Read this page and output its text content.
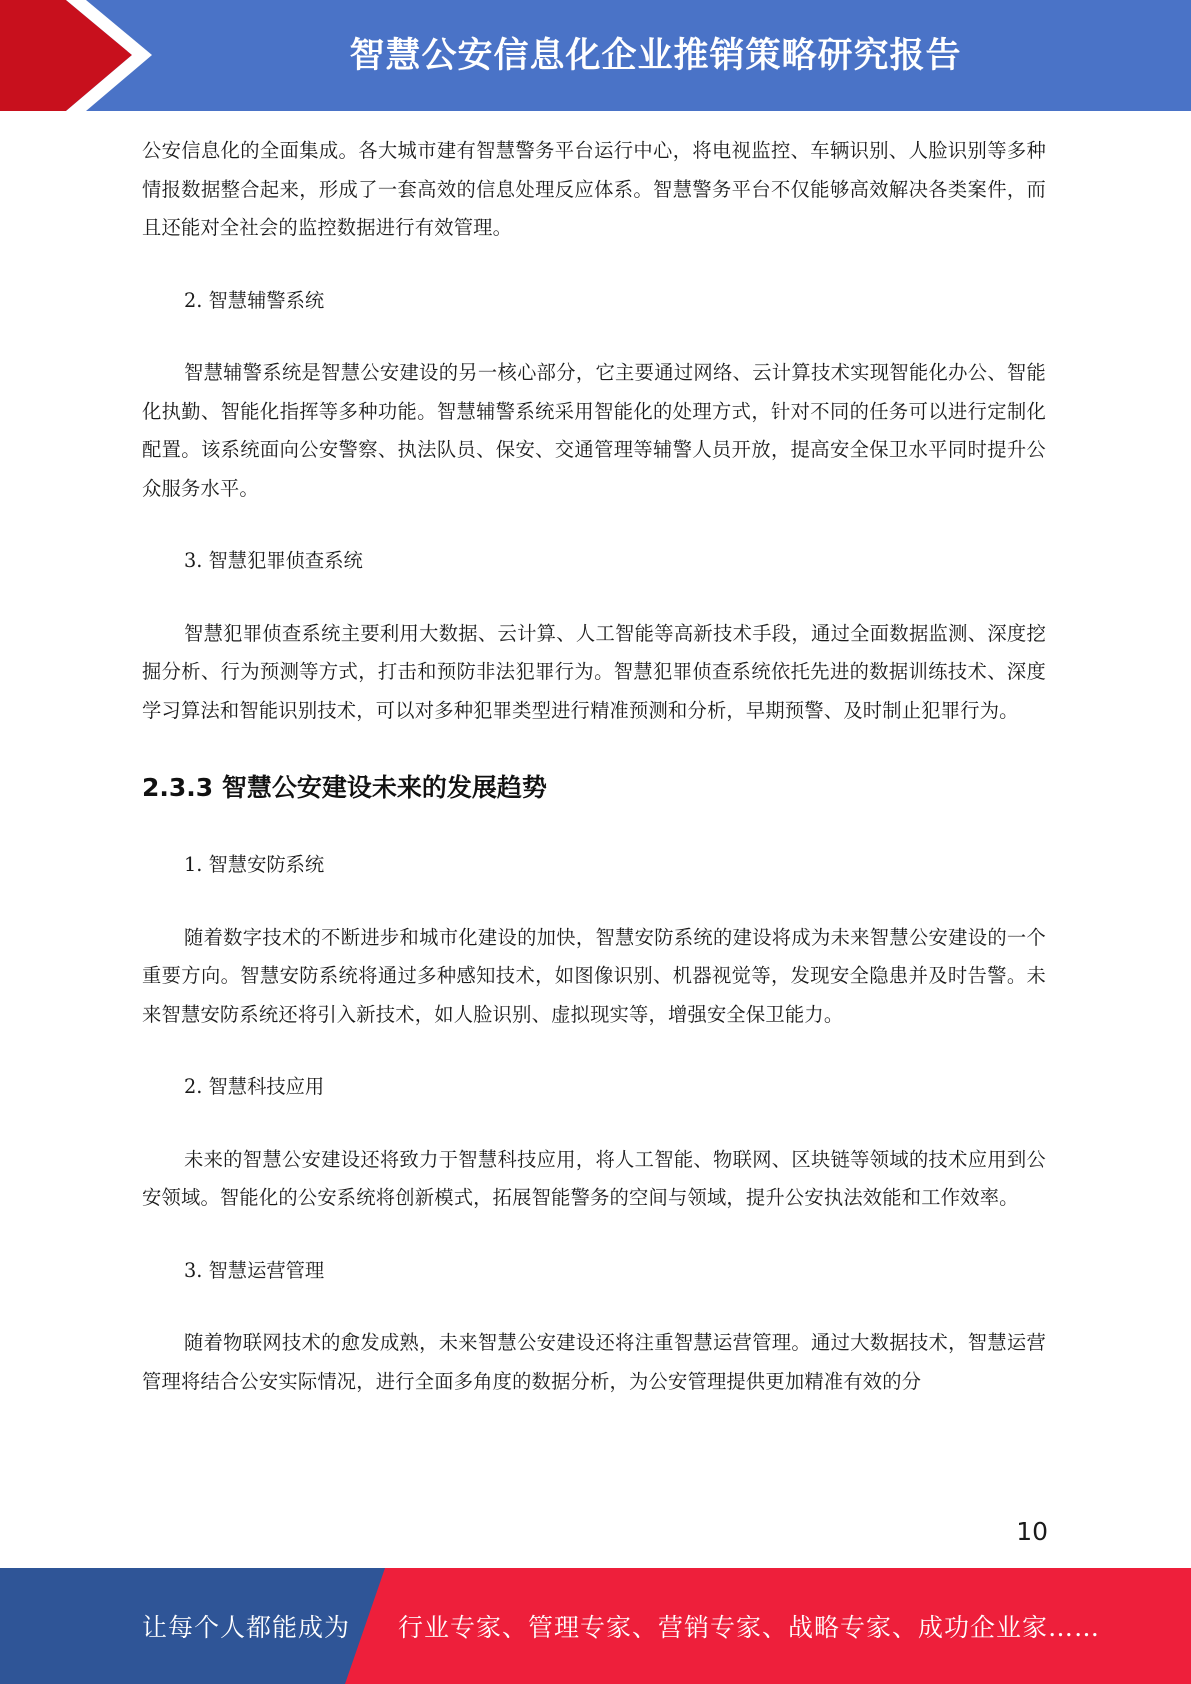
智慧公安信息化企业推销策略研究报告

公安信息化的全面集成。各大城市建有智慧警务平台运行中心，将电视监控、车辆识别、人脸识别等多种情报数据整合起来，形成了一套高效的信息处理反应体系。智慧警务平台不仅能够高效解决各类案件，而且还能对全社会的监控数据进行有效管理。

2. 智慧辅警系统

智慧辅警系统是智慧公安建设的另一核心部分，它主要通过网络、云计算技术实现智能化办公、智能化执勤、智能化指挥等多种功能。智慧辅警系统采用智能化的处理方式，针对不同的任务可以进行定制化配置。该系统面向公安警察、执法队员、保安、交通管理等辅警人员开放，提高安全保卫水平同时提升公众服务水平。

3. 智慧犯罪侦查系统

智慧犯罪侦查系统主要利用大数据、云计算、人工智能等高新技术手段，通过全面数据监测、深度挖掘分析、行为预测等方式，打击和预防非法犯罪行为。智慧犯罪侦查系统依托先进的数据训练技术、深度学习算法和智能识别技术，可以对多种犯罪类型进行精准预测和分析，早期预警、及时制止犯罪行为。

2.3.3 智慧公安建设未来的发展趋势

1. 智慧安防系统

随着数字技术的不断进步和城市化建设的加快，智慧安防系统的建设将成为未来智慧公安建设的一个重要方向。智慧安防系统将通过多种感知技术，如图像识别、机器视觉等，发现安全隐患并及时告警。未来智慧安防系统还将引入新技术，如人脸识别、虚拟现实等，增强安全保卫能力。

2. 智慧科技应用

未来的智慧公安建设还将致力于智慧科技应用，将人工智能、物联网、区块链等领域的技术应用到公安领域。智能化的公安系统将创新模式，拓展智能警务的空间与领域，提升公安执法效能和工作效率。

3. 智慧运营管理

随着物联网技术的愈发成熟，未来智慧公安建设还将注重智慧运营管理。通过大数据技术，智慧运营管理将结合公安实际情况，进行全面多角度的数据分析，为公安管理提供更加精准有效的分

10
让每个人都能成为 行业专家、管理专家、营销专家、战略专家、成功企业家……
